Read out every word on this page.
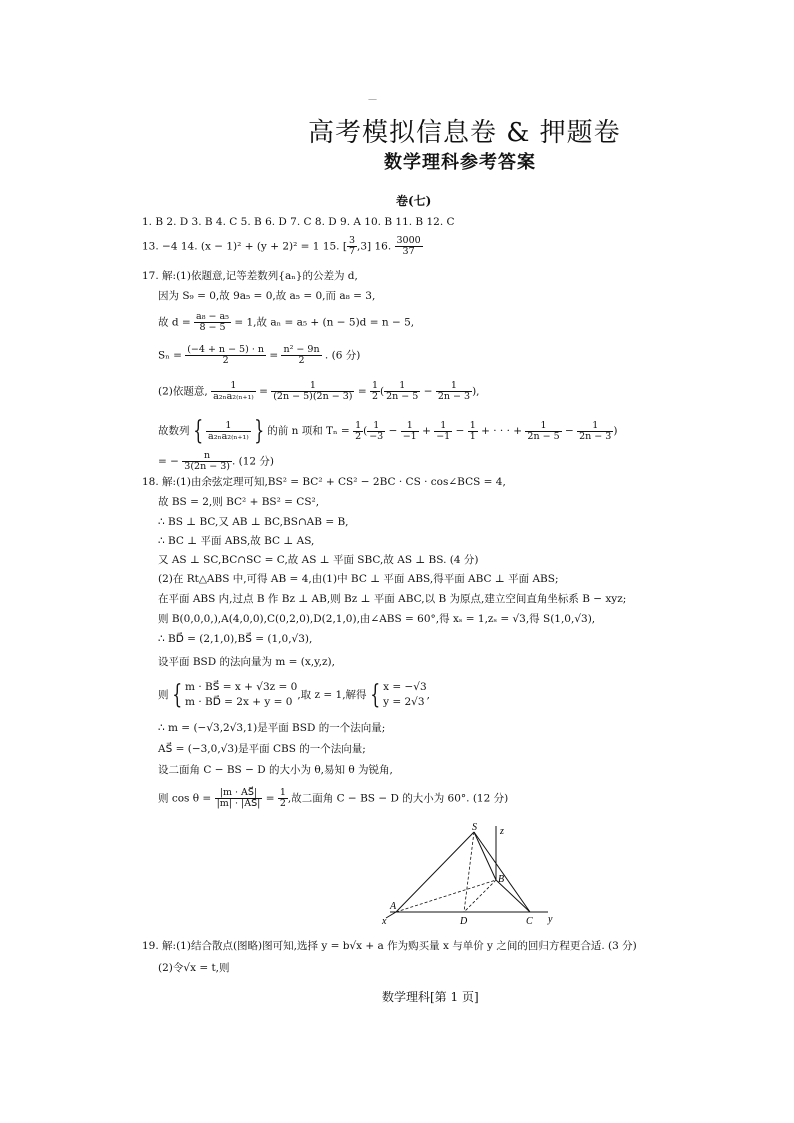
—
高考模拟信息卷 & 押题卷
数学理科参考答案
卷(七)
1. B 2. D 3. B 4. C 5. B 6. D 7. C 8. D 9. A 10. B 11. B 12. C
13. −4 14. (x − 1)² + (y + 2)² = 1 15. [ $\frac{3}{7} ,3$] 16. $\frac{3000}{37}$
17. 解:(1)依题意,记等差数列{aₙ}的公差为 d,
因为 S₉ = 0,故 9a₅ = 0,故 a₅ = 0,而 a₈ = 3,
故 $d = \frac{\text{a₈ − a₅}}{8 - 5} = 1$,故 aₙ = a₅ + (n − 5)d = n − 5,
$S_n = \frac{(-4 + n - 5) \cdot n}{2} = \frac{\text{n² − 9n}}{2}$ . (6 分)
(2)依题意, $\frac{1}{\text{a₂ₙa₂₍ₙ₊₁₎}} = \frac{1}{(2n - 5)(2n - 3)} = \frac{1}{2}$ ( $\frac{1}{2n - 5} - \frac{1}{2n - 3}$ ),
故数列 { $\frac{1}{\text{a₂ₙa₂₍ₙ₊₁₎}}$ } 的前 n 项和 $T_n = \frac{1}{2}$ ( $\frac{1}{-3} - \frac{1}{-1} + \frac{1}{-1} - \frac{1}{1}$ + · · · + $\frac{1}{2n - 5} - \frac{1}{2n - 3}$ )
= − $\frac{n}{3(2n - 3)}$ . (12 分)
18. 解:(1)由余弦定理可知,BS² = BC² + CS² − 2BC · CS · cos∠BCS = 4,
故 BS = 2,则 BC² + BS² = CS²,
∴ BS ⊥ BC,又 AB ⊥ BC,BS∩AB = B,
∴ BC ⊥ 平面 ABS,故 BC ⊥ AS,
又 AS ⊥ SC,BC∩SC = C,故 AS ⊥ 平面 SBC,故 AS ⊥ BS. (4 分)
(2)在 Rt△ABS 中,可得 AB = 4,由(1)中 BC ⊥ 平面 ABS,得平面 ABC ⊥ 平面 ABS;
在平面 ABS 内,过点 B 作 Bz ⊥ AB,则 Bz ⊥ 平面 ABC,以 B 为原点,建立空间直角坐标系 B − xyz;
则 B(0,0,0,),A(4,0,0),C(0,2,0),D(2,1,0),由∠ABS = 60°,得 xₛ = 1,zₛ = √3,得 S(1,0,√3),
∴ BD⃗ = (2,1,0),BS⃗ = (1,0,√3),
设平面 BSD 的法向量为 m = (x,y,z),
则 { m · BS⃗ = x + √3z = 0
m · BD⃗ = 2x + y = 0
,取 z = 1,解得 { x = −√3
y = 2√3
,
∴ m = (−√3,2√3,1)是平面 BSD 的一个法向量;
AS⃗ = (−3,0,√3)是平面 CBS 的一个法向量;
设二面角 C − BS − D 的大小为 θ,易知 θ 为锐角,
则 $\cos \theta = \frac{|m \cdot AS⃗|}{|m| \cdot |AS⃗|} = \frac{1}{2}$ ,故二面角 C − BS − D 的大小为 60°. (12 分)
S z
B
A
x	D	C y
19. 解:(1)结合散点(图略)图可知,选择 y = b√x + a 作为购买量 x 与单价 y 之间的回归方程更合适. (3 分)
(2)令√x = t,则
数学理科[第 1 页]
